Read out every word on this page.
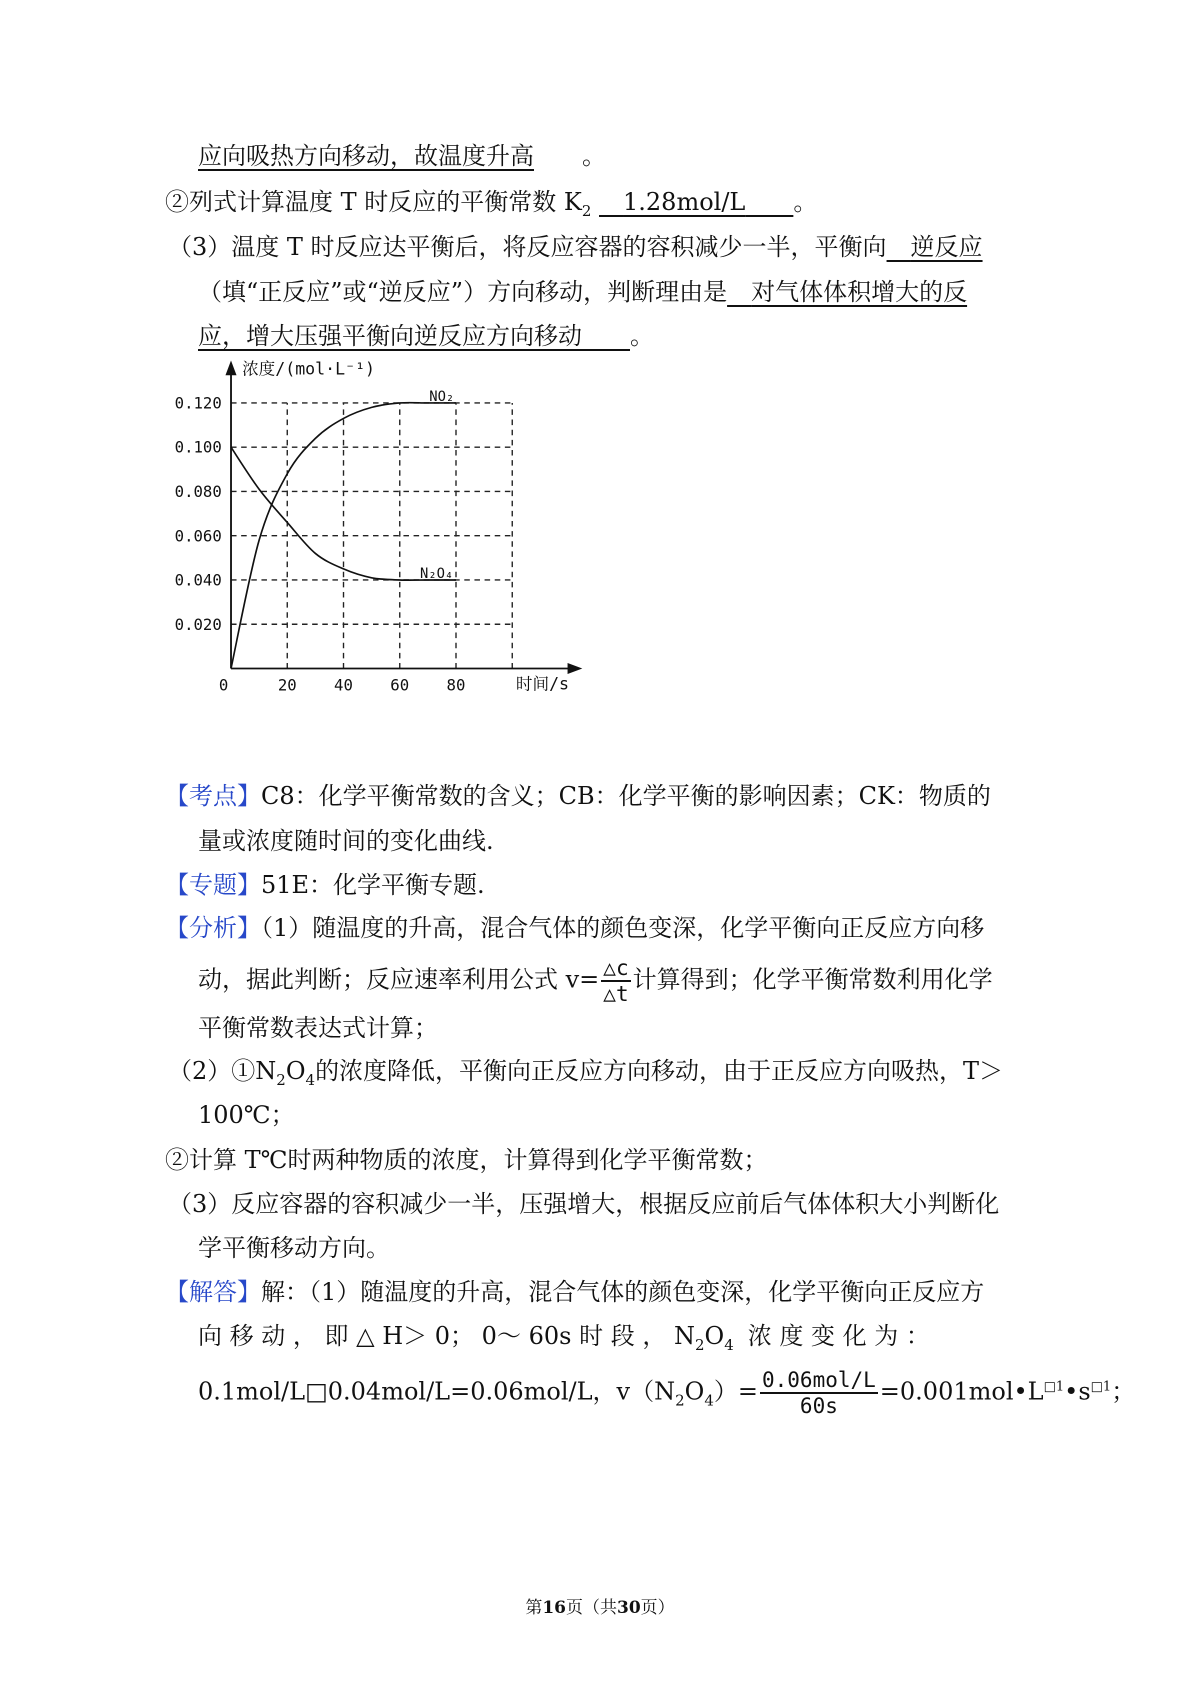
应向吸热方向移动，故温度升高   。
②列式计算温度 T 时反应的平衡常数 $K_2$   1.28mol/L   。
（3）温度 T 时反应达平衡后，将反应容器的容积减少一半，平衡向  逆反应
（填“正反应”或“逆反应”）方向移动，判断理由是  对气体体积增大的反
应，增大压强平衡向逆反应方向移动   。
0.020
0.040
0.060
0.080
0.100
0.120
0	20 40 60 80
浓度/(mol·L⁻¹)
时间/s
NO₂
N₂O₄
【考点】C8：化学平衡常数的含义；CB：化学平衡的影响因素；CK：物质的
量或浓度随时间的变化曲线.
【专题】51E：化学平衡专题.
【分析】（1）随温度的升高，混合气体的颜色变深，化学平衡向正反应方向移
动，据此判断；反应速率利用公式 $v= \frac{\triangle c}{\triangle t}$ 计算得到；化学平衡常数利用化学
平衡常数表达式计算；
$(2)①N_2O_4$的浓度降低，平衡向正反应方向移动，由于正反应方向吸热，T＞
100℃；
②计算 T℃时两种物质的浓度，计算得到化学平衡常数；
（3）反应容器的容积减少一半，压强增大，根据反应前后气体体积大小判断化
学平衡移动方向。
【解答】解：（1）随温度的升高，混合气体的颜色变深，化学平衡向正反应方
向 移 动 ， 即 △ H＞ 0； 0～ 60s 时 段 ， $N_2O_4$ 浓 度 变 化 为 ：
0.1mol/L□0.04mol/L=0.06mol/L，$v(N_2O_4)= \frac{\text{0.06mol/L}}{60s}$ $=0.001mol•L^{□1}•s^{□1}$；
第16页（共30页）
